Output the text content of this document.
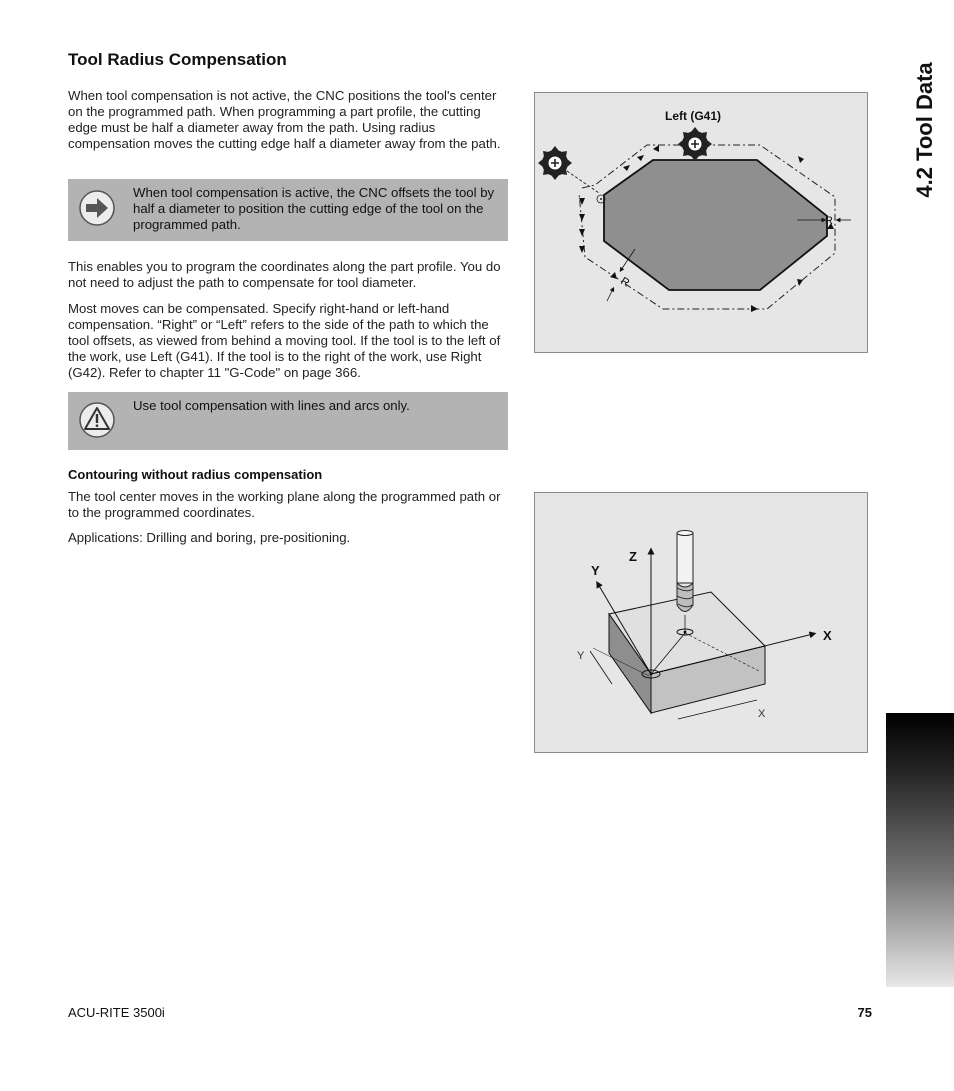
Tool Radius Compensation

When tool compensation is not active, the CNC positions the tool's center on the programmed path. When programming a part profile, the cutting edge must be half a diameter away from the path. Using radius compensation moves the cutting edge half a diameter away from the path.

When tool compensation is active, the CNC offsets the tool by half a diameter to position the cutting edge of the tool on the programmed path.

This enables you to program the coordinates along the part profile. You do not need to adjust the path to compensate for tool diameter.

Most moves can be compensated. Specify right-hand or left-hand compensation. “Right” or “Left” refers to the side of the path to which the tool offsets, as viewed from behind a moving tool. If the tool is to the left of the work, use Left (G41). If the tool is to the right of the work, use Right (G42). Refer to chapter 11 "G-Code" on page 366.

Use tool compensation with lines and arcs only.
Contouring without radius compensation

The tool center moves in the working plane along the programmed path or to the programmed coordinates.

Applications: Drilling and boring, pre-positioning.

R
R
Left (G41)
Y
X
Z
Y
X
4.2 Tool Data
ACU-RITE 3500i	75
